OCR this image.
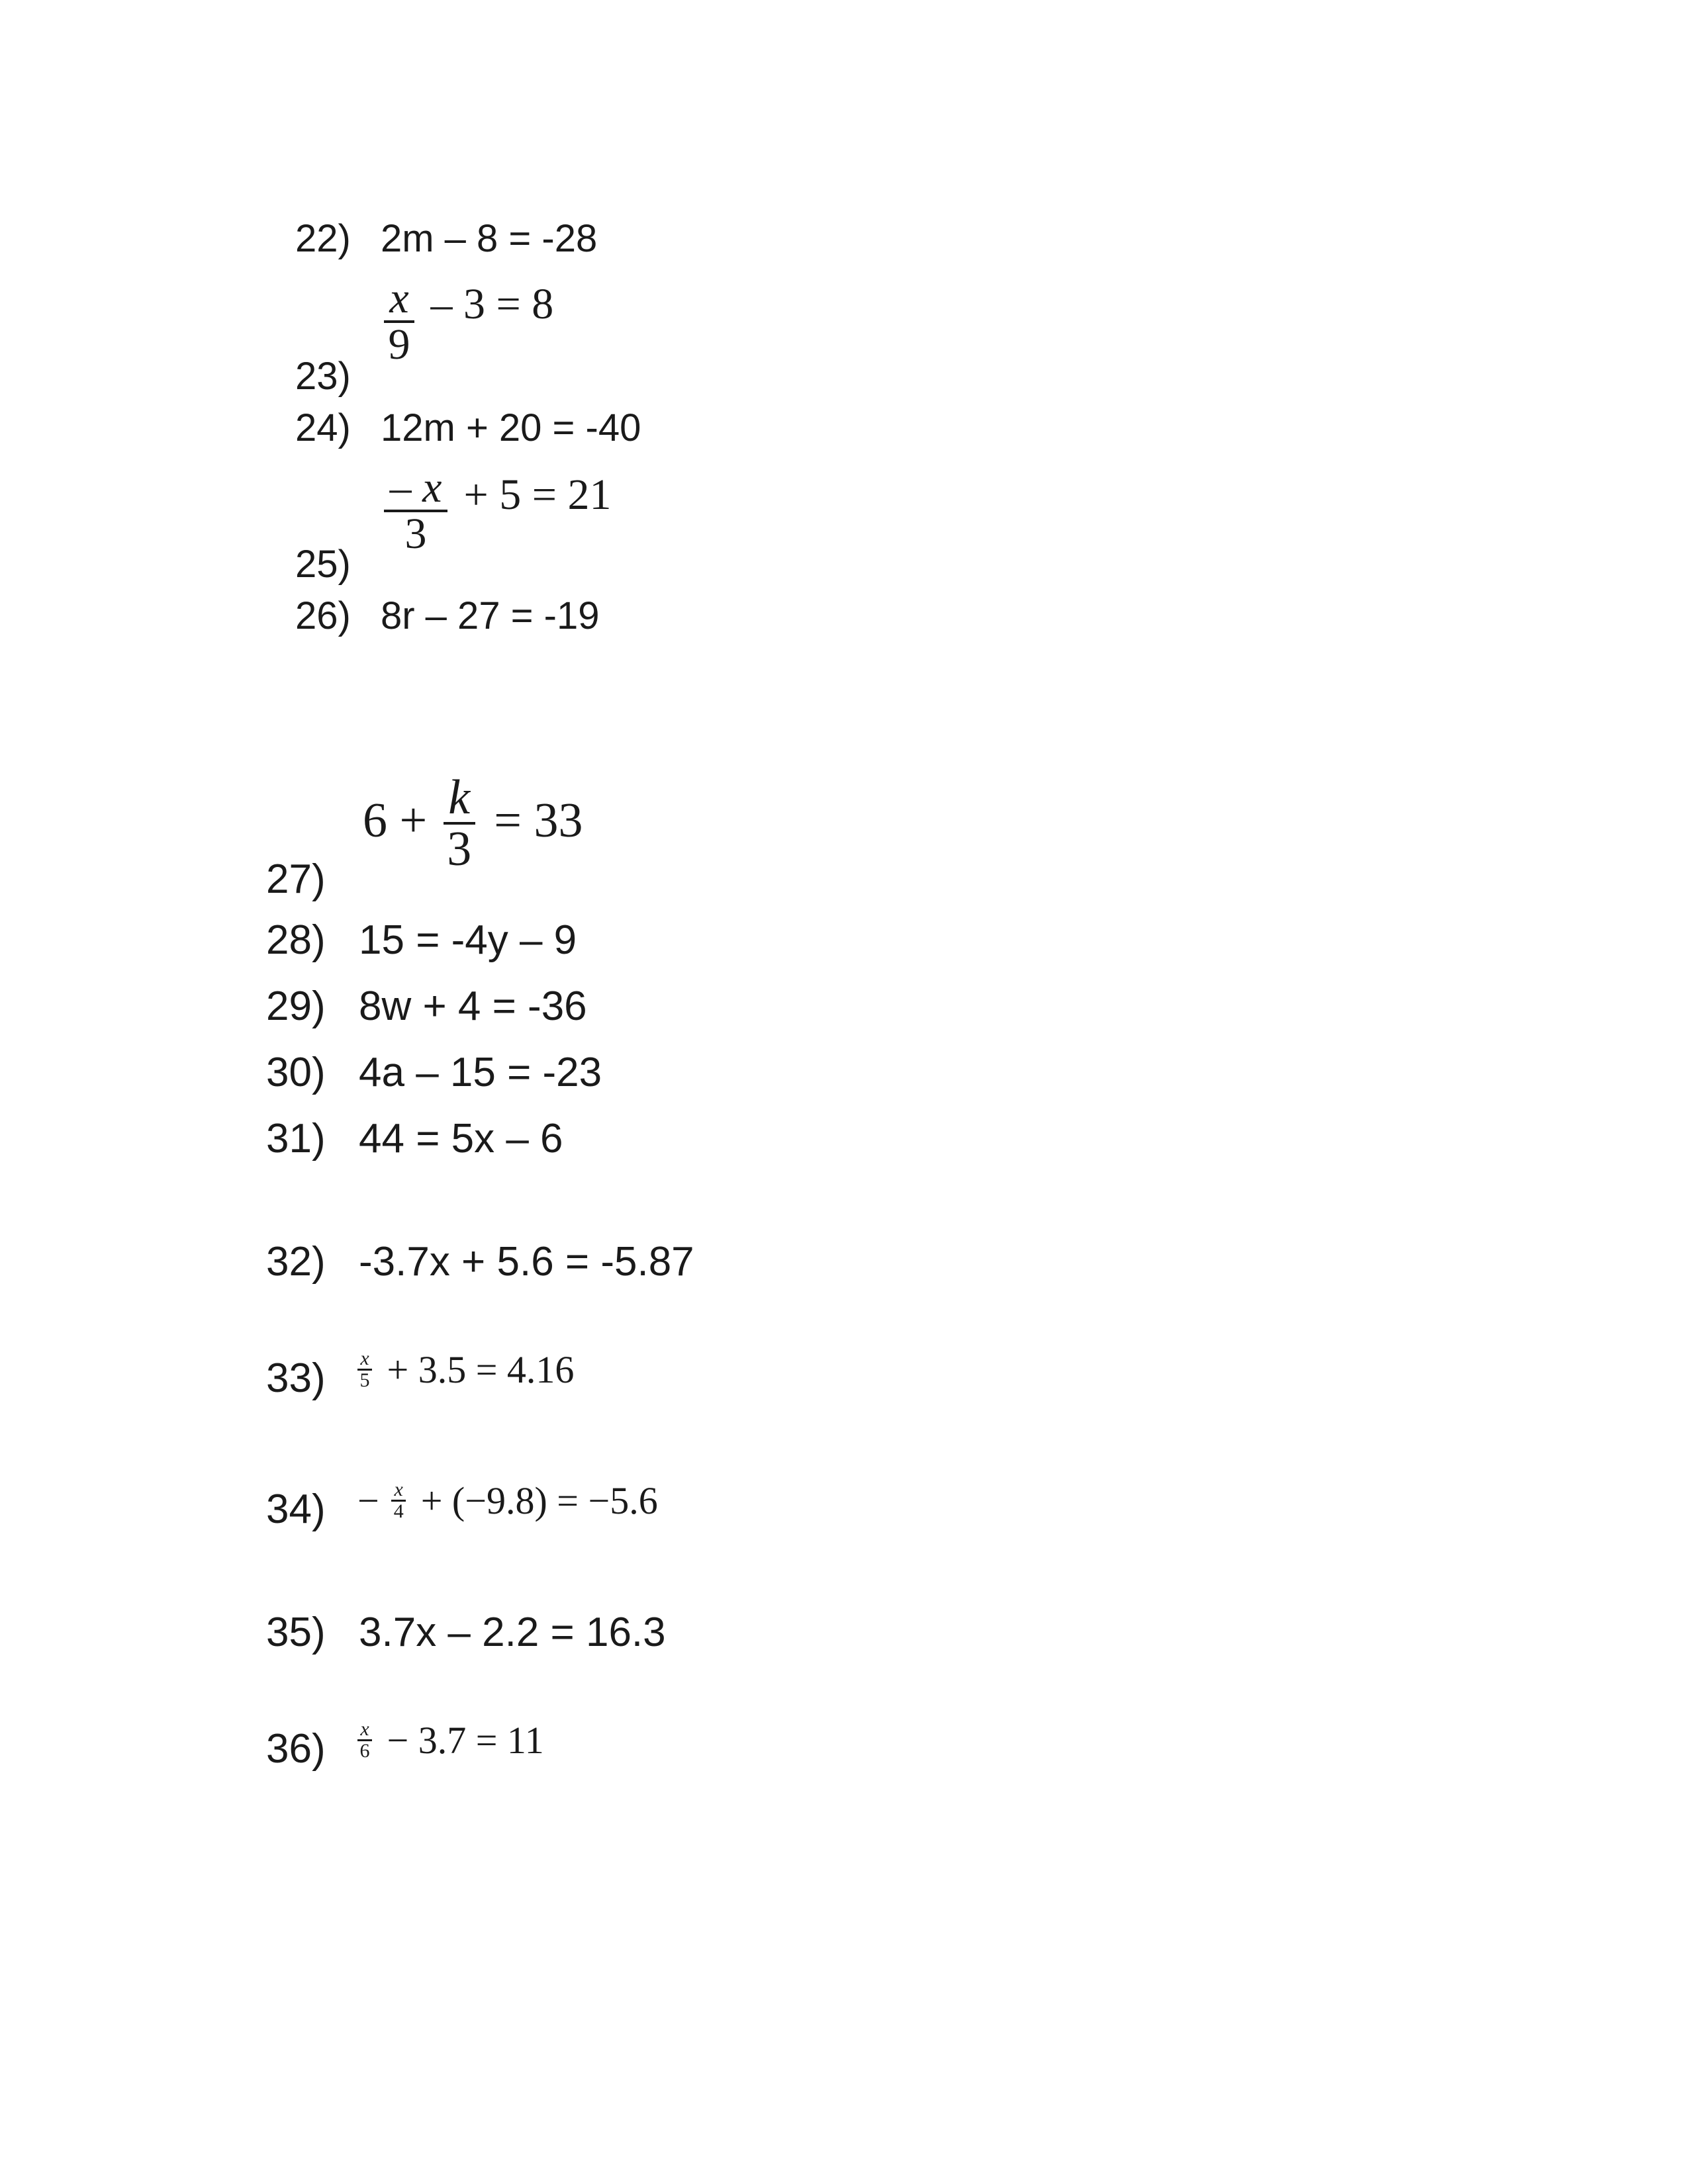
22) 2m – 8 = -28
$\frac{x}{9} - 3 = 8$
23)
24) 12m + 20 = -40
$\frac{- x}{3} + 5 = 21$
25)
26) 8r – 27 = -19
$6 + \frac{k}{3} = 33$
27)
28) 15 = -4y – 9
29) 8w + 4 = -36
30) 4a – 15 = -23
31) 44 = 5x – 6
32) -3.7x + 5.6 = -5.87
$33) \frac{x}{5} + 3.5 = 4.16$
$34) - \frac{x}{4} + (-9.8) = -5.6$
35) 3.7x – 2.2 = 16.3
$36) \frac{x}{6} - 3.7 = 11$
